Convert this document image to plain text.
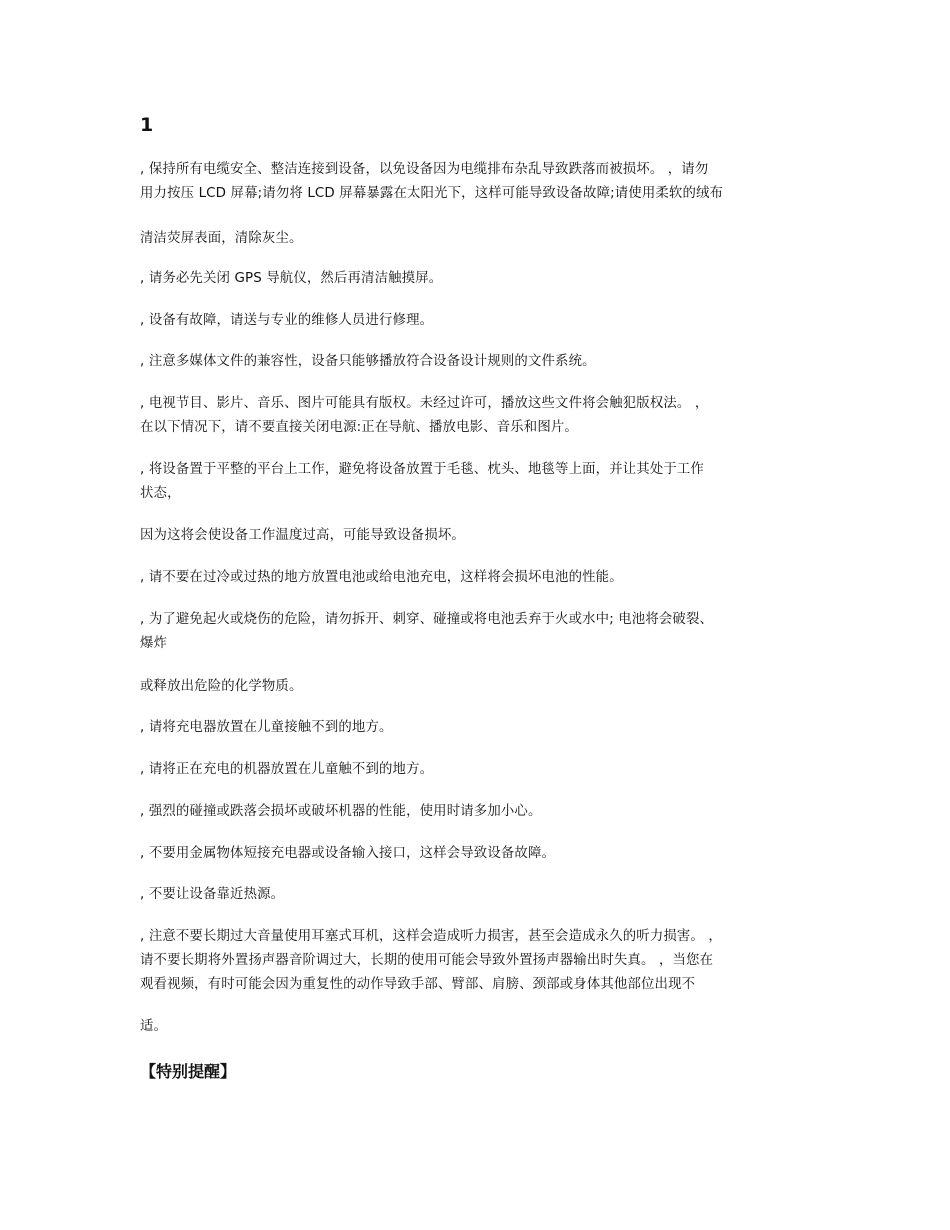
1

, 保持所有电缆安全、整洁连接到设备，以免设备因为电缆排布杂乱导致跌落而被损坏。 ，请勿
用力按压 LCD 屏幕;请勿将 LCD 屏幕暴露在太阳光下，这样可能导致设备故障;请使用柔软的绒布

清洁荧屏表面，清除灰尘。

, 请务必先关闭 GPS 导航仪，然后再清洁触摸屏。

, 设备有故障，请送与专业的维修人员进行修理。

, 注意多媒体文件的兼容性，设备只能够播放符合设备设计规则的文件系统。

, 电视节目、影片、音乐、图片可能具有版权。未经过许可，播放这些文件将会触犯版权法。 ，
在以下情况下，请不要直接关闭电源:正在导航、播放电影、音乐和图片。

, 将设备置于平整的平台上工作，避免将设备放置于毛毯、枕头、地毯等上面，并让其处于工作
状态，

因为这将会使设备工作温度过高，可能导致设备损坏。

, 请不要在过冷或过热的地方放置电池或给电池充电，这样将会损坏电池的性能。

, 为了避免起火或烧伤的危险，请勿拆开、刺穿、碰撞或将电池丢弃于火或水中; 电池将会破裂、
爆炸

或释放出危险的化学物质。

, 请将充电器放置在儿童接触不到的地方。

, 请将正在充电的机器放置在儿童触不到的地方。

, 强烈的碰撞或跌落会损坏或破坏机器的性能，使用时请多加小心。

, 不要用金属物体短接充电器或设备输入接口，这样会导致设备故障。

, 不要让设备靠近热源。

, 注意不要长期过大音量使用耳塞式耳机，这样会造成听力损害，甚至会造成永久的听力损害。 ，
请不要长期将外置扬声器音阶调过大，长期的使用可能会导致外置扬声器输出时失真。 ，当您在
观看视频，有时可能会因为重复性的动作导致手部、臂部、肩膀、颈部或身体其他部位出现不

适。

【特别提醒】
